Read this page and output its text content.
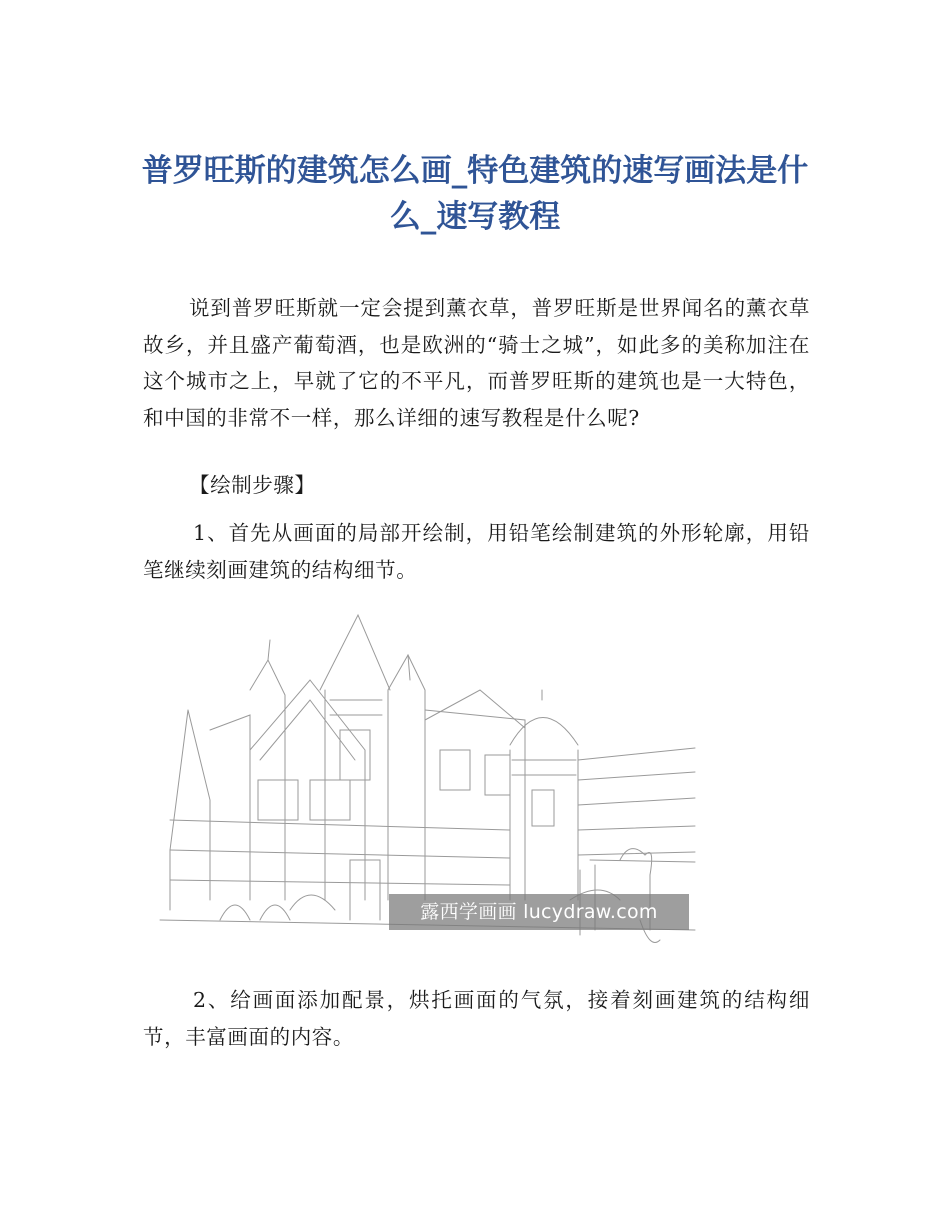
普罗旺斯的建筑怎么画_特色建筑的速写画法是什么_速写教程

说到普罗旺斯就一定会提到薰衣草，普罗旺斯是世界闻名的薰衣草故乡，并且盛产葡萄酒，也是欧洲的“骑士之城”，如此多的美称加注在这个城市之上，早就了它的不平凡，而普罗旺斯的建筑也是一大特色，和中国的非常不一样，那么详细的速写教程是什么呢?

【绘制步骤】

1、首先从画面的局部开绘制，用铅笔绘制建筑的外形轮廓，用铅笔继续刻画建筑的结构细节。

露西学画画 lucydraw.com

2、给画面添加配景，烘托画面的气氛，接着刻画建筑的结构细节，丰富画面的内容。
